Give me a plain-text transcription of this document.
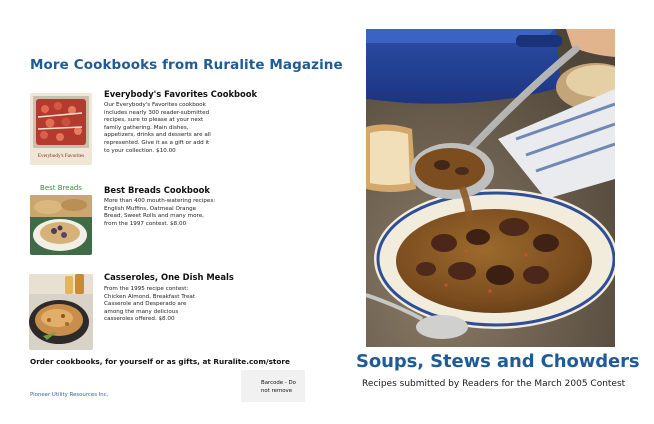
More Cookbooks from Ruralite Magazine
Everybody's Favorites
Everybody's Favorites Cookbook
Our Everybody's Favorites cookbook includes nearly 300 reader-submitted recipes, sure to please at your next family gathering. Main dishes, appetizers, drinks and desserts are all represented. Give it as a gift or add it to your collection. $10.00
Best Breads	Best Breads Cookbook
More than 400 mouth-watering recipes: English Muffins, Oatmeal Orange Bread, Sweet Rolls and many more, from the 1997 contest. $8.00
Casseroles, One Dish Meals
From the 1995 recipe contest: Chicken Almond, Breakfast Treat Casserole and Desperado are among the many delicious casseroles offered. $8.00
Order cookbooks, for yourself or as gifts, at Ruralite.com/store
Pioneer Utility Resources Inc.
Barcode - Do not remove
Soups, Stews and Chowders
Recipes submitted by Readers for the March 2005 Contest
